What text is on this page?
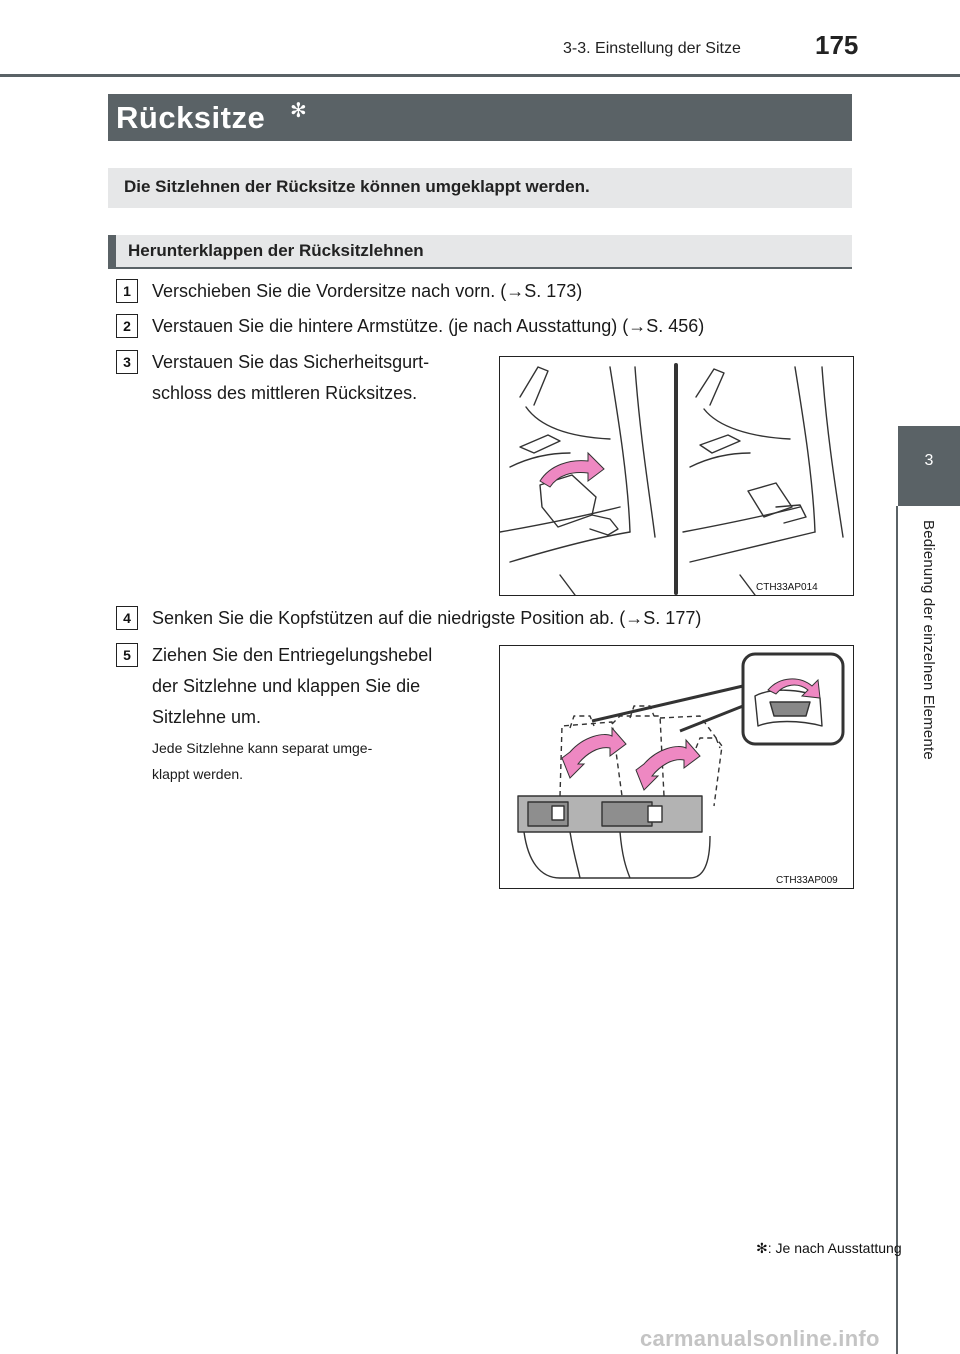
3-3. Einstellung der Sitze	175
3
Bedienung der einzelnen Elemente
Rücksitze ✻
Die Sitzlehnen der Rücksitze können umgeklappt werden.
Herunterklappen der Rücksitzlehnen
1	Verschieben Sie die Vordersitze nach vorn. (→S. 173)
2	Verstauen Sie die hintere Armstütze. (je nach Ausstattung) (→S. 456)
3	Verstauen Sie das Sicherheitsgurt-
schloss des mittleren Rücksitzes.
CTH33AP014
4	Senken Sie die Kopfstützen auf die niedrigste Position ab. (→S. 177)
5	Ziehen Sie den Entriegelungshebel
der Sitzlehne und klappen Sie die
Sitzlehne um.
Jede Sitzlehne kann separat umge-
klappt werden.
CTH33AP009
✻: Je nach Ausstattung
carmanualsonline.info
